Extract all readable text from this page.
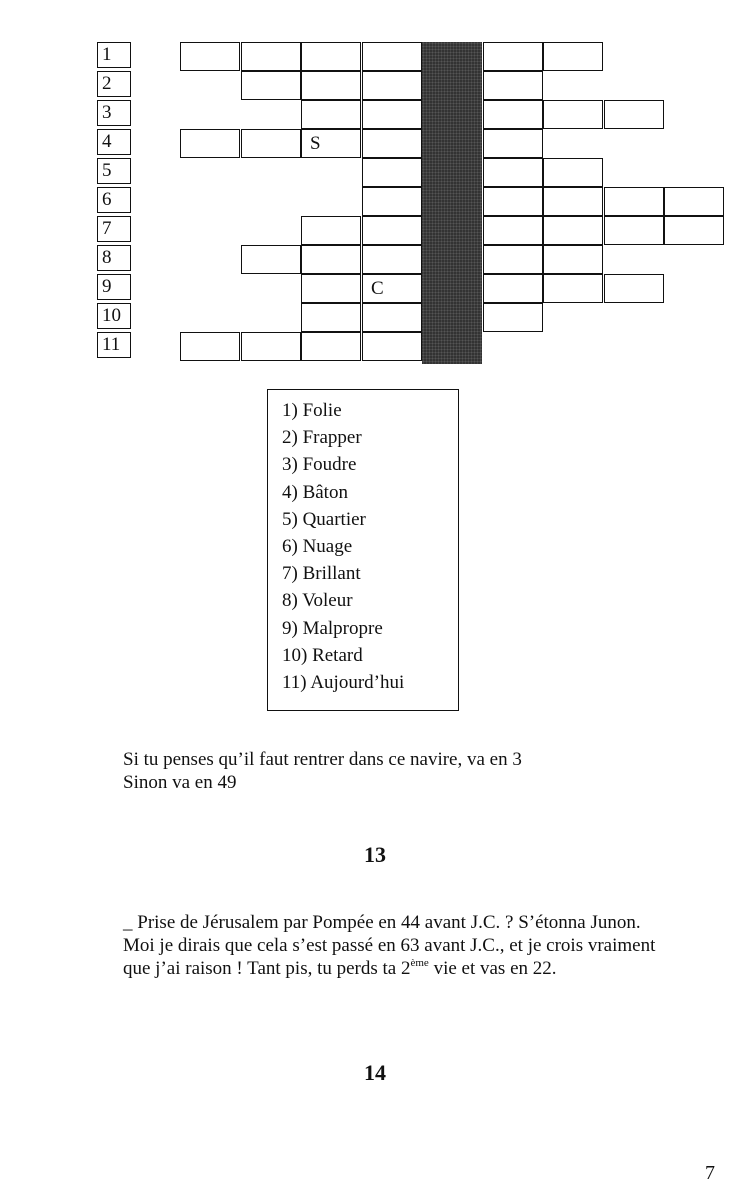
1
2
3
4
5
6
7
8
9
10
11
S
C
1) Folie
2) Frapper
3) Foudre
4) Bâton
5) Quartier
6) Nuage
7) Brillant
8) Voleur
9) Malpropre
10) Retard
11) Aujourd’hui
Si tu penses qu’il faut rentrer dans ce navire, va en 3
Sinon va en 49
13
_ Prise de Jérusalem par Pompée en 44 avant J.C. ? S’étonna Junon.
Moi je dirais que cela s’est passé en 63 avant J.C., et je crois vraiment
que j’ai raison ! Tant pis, tu perds ta 2ème vie et vas en 22.
14
7
